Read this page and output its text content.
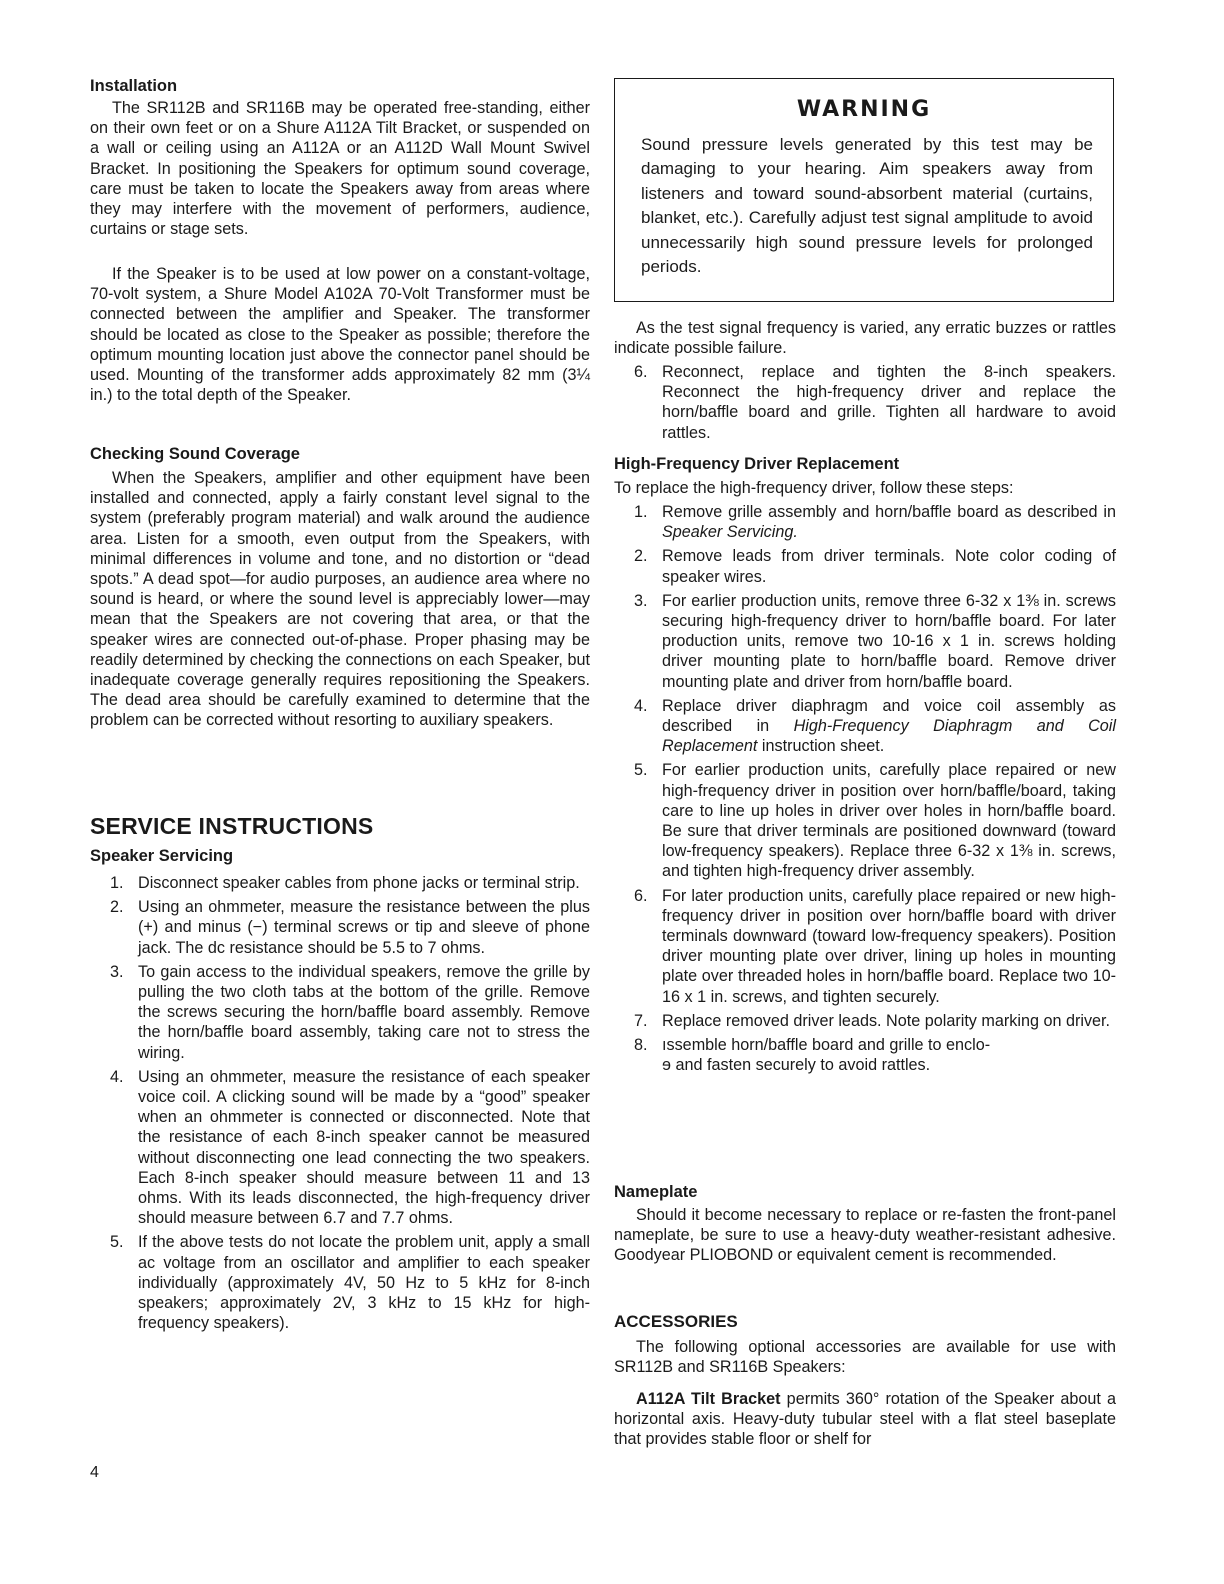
Installation

The SR112B and SR116B may be operated free-standing, either on their own feet or on a Shure A112A Tilt Bracket, or suspended on a wall or ceiling using an A112A or an A112D Wall Mount Swivel Bracket. In positioning the Speakers for optimum sound coverage, care must be taken to locate the Speakers away from areas where they may interfere with the movement of performers, audience, curtains or stage sets.

If the Speaker is to be used at low power on a constant-voltage, 70-volt system, a Shure Model A102A 70-Volt Transformer must be connected between the amplifier and Speaker. The transformer should be located as close to the Speaker as possible; therefore the optimum mounting location just above the connector panel should be used. Mounting of the transformer adds approximately 82 mm (3¼ in.) to the total depth of the Speaker.

Checking Sound Coverage

When the Speakers, amplifier and other equipment have been installed and connected, apply a fairly constant level signal to the system (preferably program material) and walk around the audience area. Listen for a smooth, even output from the Speakers, with minimal differences in volume and tone, and no distortion or “dead spots.” A dead spot—for audio purposes, an audience area where no sound is heard, or where the sound level is appreciably lower—may mean that the Speakers are not covering that area, or that the speaker wires are connected out-of-phase. Proper phasing may be readily determined by checking the connections on each Speaker, but inadequate coverage generally requires repositioning the Speakers. The dead area should be carefully examined to determine that the problem can be corrected without resorting to auxiliary speakers.

SERVICE INSTRUCTIONS
Speaker Servicing
1. Disconnect speaker cables from phone jacks or terminal strip.
2. Using an ohmmeter, measure the resistance between the plus (+) and minus (−) terminal screws or tip and sleeve of phone jack. The dc resistance should be 5.5 to 7 ohms.
3. To gain access to the individual speakers, remove the grille by pulling the two cloth tabs at the bottom of the grille. Remove the screws securing the horn/baffle board assembly. Remove the horn/baffle board assembly, taking care not to stress the wiring.
4. Using an ohmmeter, measure the resistance of each speaker voice coil. A clicking sound will be made by a “good” speaker when an ohmmeter is connected or disconnected. Note that the resistance of each 8-inch speaker cannot be measured without disconnecting one lead connecting the two speakers. Each 8-inch speaker should measure between 11 and 13 ohms. With its leads disconnected, the high-frequency driver should measure between 6.7 and 7.7 ohms.
5. If the above tests do not locate the problem unit, apply a small ac voltage from an oscillator and amplifier to each speaker individually (approximately 4V, 50 Hz to 5 kHz for 8-inch speakers; approximately 2V, 3 kHz to 15 kHz for high-frequency speakers).
4
WARNING
Sound pressure levels generated by this test may be damaging to your hearing. Aim speakers away from listeners and toward sound-absorbent material (curtains, blanket, etc.). Carefully adjust test signal amplitude to avoid unnecessarily high sound pressure levels for prolonged periods.

As the test signal frequency is varied, any erratic buzzes or rattles indicate possible failure.

6. Reconnect, replace and tighten the 8-inch speakers. Reconnect the high-frequency driver and replace the horn/baffle board and grille. Tighten all hardware to avoid rattles.
High-Frequency Driver Replacement

To replace the high-frequency driver, follow these steps:

1. Remove grille assembly and horn/baffle board as described in Speaker Servicing.
2. Remove leads from driver terminals. Note color coding of speaker wires.
3. For earlier production units, remove three 6-32 x 1⅜ in. screws securing high-frequency driver to horn/baffle board. For later production units, remove two 10-16 x 1 in. screws holding driver mounting plate to horn/baffle board. Remove driver mounting plate and driver from horn/baffle board.
4. Replace driver diaphragm and voice coil assembly as described in High-Frequency Diaphragm and Coil Replacement instruction sheet.
5. For earlier production units, carefully place repaired or new high-frequency driver in position over horn/baffle/board, taking care to line up holes in driver over holes in horn/baffle board. Be sure that driver terminals are positioned downward (toward low-frequency speakers). Replace three 6-32 x 1⅜ in. screws, and tighten high-frequency driver assembly.
6. For later production units, carefully place repaired or new high-frequency driver in position over horn/baffle board with driver terminals downward (toward low-frequency speakers). Position driver mounting plate over driver, lining up holes in mounting plate over threaded holes in horn/baffle board. Replace two 10-16 x 1 in. screws, and tighten securely.
7. Replace removed driver leads. Note polarity marking on driver.
8. ıssemble horn/baffle board and grille to enclo-
ɘ and fasten securely to avoid rattles.
Nameplate

Should it become necessary to replace or re-fasten the front-panel nameplate, be sure to use a heavy-duty weather-resistant adhesive. Goodyear PLIOBOND or equivalent cement is recommended.

ACCESSORIES

The following optional accessories are available for use with SR112B and SR116B Speakers:

A112A Tilt Bracket permits 360° rotation of the Speaker about a horizontal axis. Heavy-duty tubular steel with a flat steel baseplate that provides stable floor or shelf for
